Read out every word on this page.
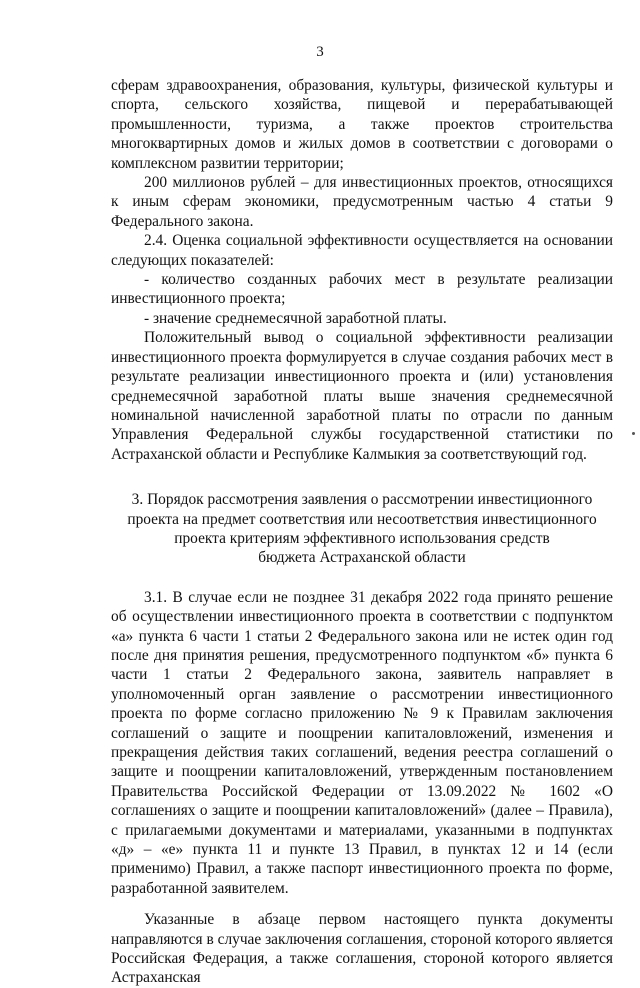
3

сферам здравоохранения, образования, культуры, физической культуры и спорта, сельского хозяйства, пищевой и перерабатывающей промышленности, туризма, а также проектов строительства многоквартирных домов и жилых домов в соответствии с договорами о комплексном развитии территории;

200 миллионов рублей – для инвестиционных проектов, относящихся к иным сферам экономики, предусмотренным частью 4 статьи 9 Федерального закона.

2.4. Оценка социальной эффективности осуществляется на основании следующих показателей:

- количество созданных рабочих мест в результате реализации инвестиционного проекта;

- значение среднемесячной заработной платы.

Положительный вывод о социальной эффективности реализации инвестиционного проекта формулируется в случае создания рабочих мест в результате реализации инвестиционного проекта и (или) установления среднемесячной заработной платы выше значения среднемесячной номинальной начисленной заработной платы по отрасли по данным Управления Федеральной службы государственной статистики по Астраханской области и Республике Калмыкия за соответствующий год.

3. Порядок рассмотрения заявления о рассмотрении инвестиционного
проекта на предмет соответствия или несоответствия инвестиционного
проекта критериям эффективного использования средств
бюджета Астраханской области

3.1. В случае если не позднее 31 декабря 2022 года принято решение об осуществлении инвестиционного проекта в соответствии с подпунктом «а» пункта 6 части 1 статьи 2 Федерального закона или не истек один год после дня принятия решения, предусмотренного подпунктом «б» пункта 6 части 1 статьи 2 Федерального закона, заявитель направляет в уполномоченный орган заявление о рассмотрении инвестиционного проекта по форме согласно приложению № 9 к Правилам заключения соглашений о защите и поощрении капиталовложений, изменения и прекращения действия таких соглашений, ведения реестра соглашений о защите и поощрении капиталовложений, утвержденным постановлением Правительства Российской Федерации от 13.09.2022 № 1602 «О соглашениях о защите и поощрении капиталовложений» (далее – Правила), с прилагаемыми документами и материалами, указанными в подпунктах «д» – «е» пункта 11 и пункте 13 Правил, в пунктах 12 и 14 (если применимо) Правил, а также паспорт инвестиционного проекта по форме, разработанной заявителем.

Указанные в абзаце первом настоящего пункта документы направляются в случае заключения соглашения, стороной которого является Российская Федерация, а также соглашения, стороной которого является Астраханская
